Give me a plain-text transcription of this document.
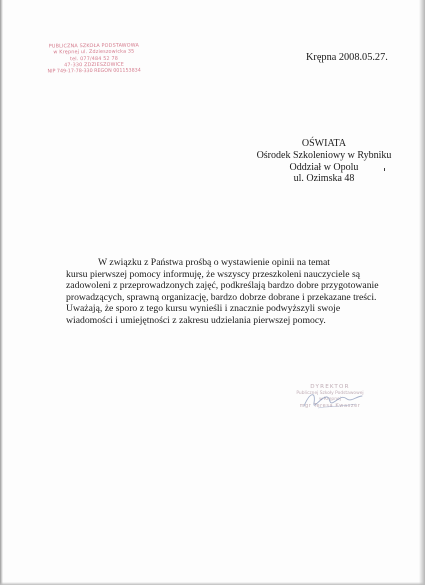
PUBLICZNA SZKOŁA PODSTAWOWA
w Krępnej ul. Zdzieszowicka 35
tel. 077/484 52 78
47-330 ZDZIESZOWICE
NIP 749-17-78-330 REGON 001153834
Krępna 2008.05.27.
OŚWIATA
Ośrodek Szkoleniowy w Rybniku
Oddział w Opolu
ul. Ozimska 48
W związku z Państwa prośbą o wystawienie opinii na temat
kursu pierwszej pomocy informuję, że wszyscy przeszkoleni nauczyciele są
zadowoleni z przeprowadzonych zajęć, podkreślają bardzo dobre przygotowanie
prowadzących, sprawną organizację, bardzo dobrze dobrane i przekazane treści.
Uważają, że sporo z tego kursu wynieśli i znacznie podwyższyli swoje
wiadomości i umiejętności z zakresu udzielania pierwszej pomocy.
DYREKTOR
Publicznej Szkoły Podstawowej
w Krępnej
mgr Teresa Kwaszer
